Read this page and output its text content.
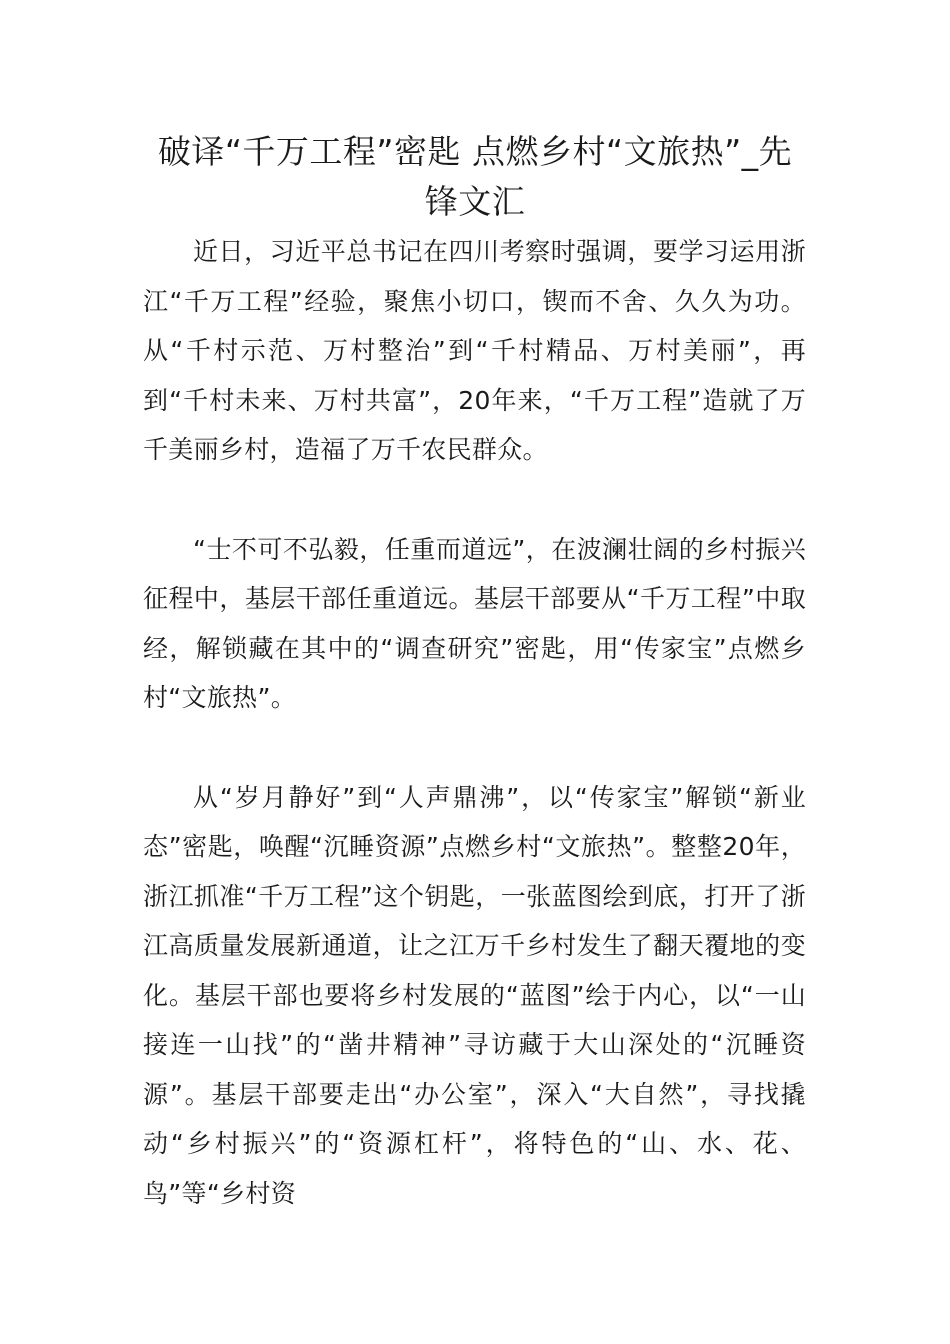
破译“千万工程”密匙 点燃乡村“文旅热”_先锋文汇

近日，习近平总书记在四川考察时强调，要学习运用浙江“千万工程”经验，聚焦小切口，锲而不舍、久久为功。从“千村示范、万村整治”到“千村精品、万村美丽”，再到“千村未来、万村共富”，20年来，“千万工程”造就了万千美丽乡村，造福了万千农民群众。

“士不可不弘毅，任重而道远”，在波澜壮阔的乡村振兴征程中，基层干部任重道远。基层干部要从“千万工程”中取经，解锁藏在其中的“调查研究”密匙，用“传家宝”点燃乡村“文旅热”。

从“岁月静好”到“人声鼎沸”，以“传家宝”解锁“新业态”密匙，唤醒“沉睡资源”点燃乡村“文旅热”。整整20年，浙江抓准“千万工程”这个钥匙，一张蓝图绘到底，打开了浙江高质量发展新通道，让之江万千乡村发生了翻天覆地的变化。基层干部也要将乡村发展的“蓝图”绘于内心，以“一山接连一山找”的“凿井精神”寻访藏于大山深处的“沉睡资源”。基层干部要走出“办公室”，深入“大自然”，寻找撬动“乡村振兴”的“资源杠杆”，将特色的“山、水、花、鸟”等“乡村资
